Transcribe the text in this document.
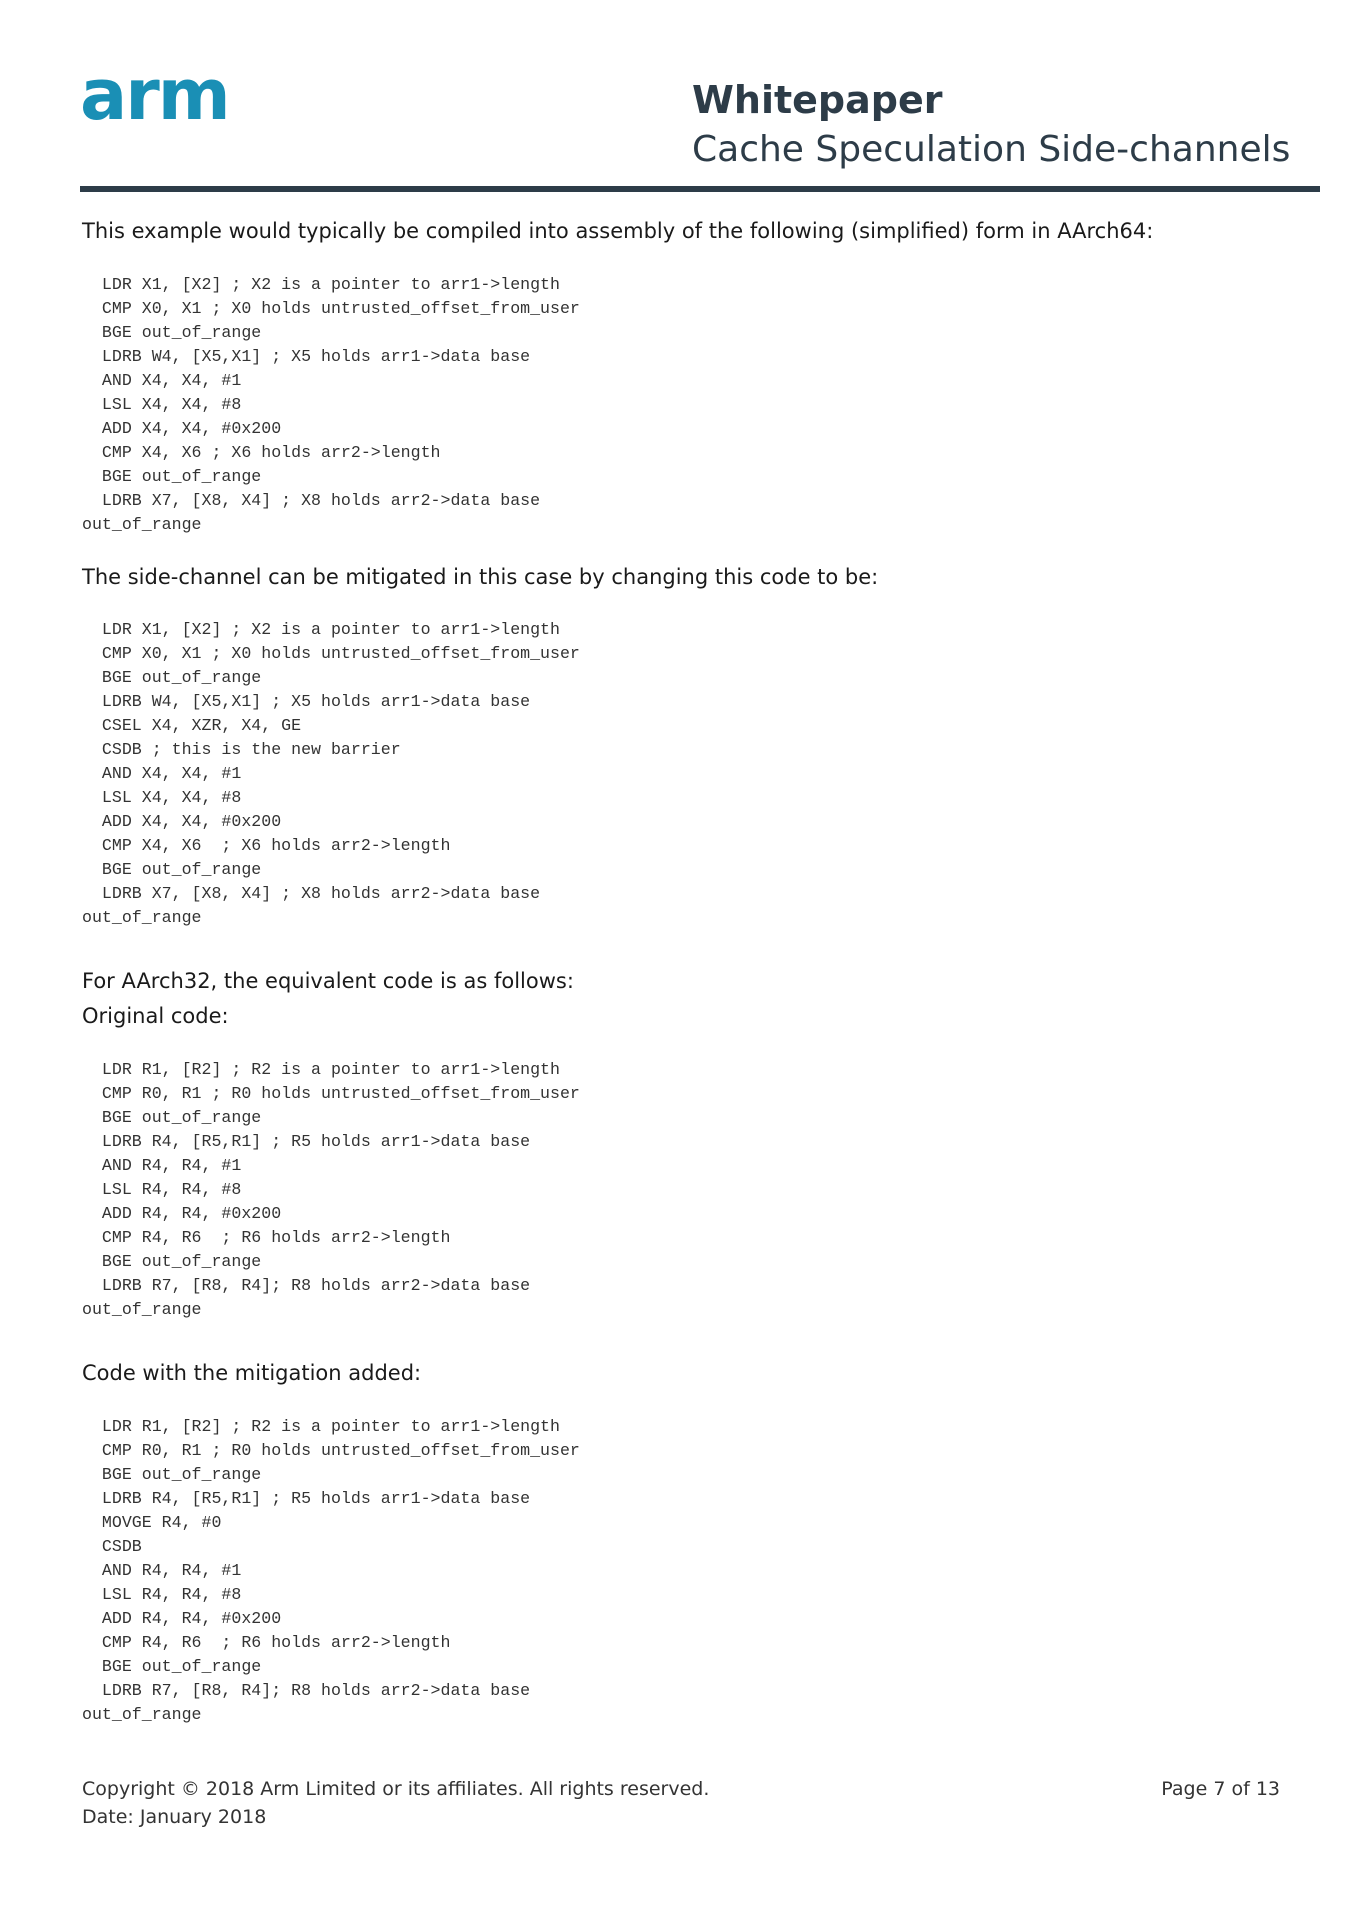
arm	Whitepaper
Cache Speculation Side-channels
This example would typically be compiled into assembly of the following (simplified) form in AArch64:
LDR X1, [X2] ; X2 is a pointer to arr1->length
CMP X0, X1 ; X0 holds untrusted_offset_from_user
BGE out_of_range
LDRB W4, [X5,X1] ; X5 holds arr1->data base
AND X4, X4, #1
LSL X4, X4, #8
ADD X4, X4, #0x200
CMP X4, X6 ; X6 holds arr2->length
BGE out_of_range
LDRB X7, [X8, X4] ; X8 holds arr2->data base
out_of_range
The side-channel can be mitigated in this case by changing this code to be:
LDR X1, [X2] ; X2 is a pointer to arr1->length
CMP X0, X1 ; X0 holds untrusted_offset_from_user
BGE out_of_range
LDRB W4, [X5,X1] ; X5 holds arr1->data base
CSEL X4, XZR, X4, GE
CSDB ; this is the new barrier
AND X4, X4, #1
LSL X4, X4, #8
ADD X4, X4, #0x200
CMP X4, X6  ; X6 holds arr2->length
BGE out_of_range
LDRB X7, [X8, X4] ; X8 holds arr2->data base
out_of_range
For AArch32, the equivalent code is as follows:
Original code:
LDR R1, [R2] ; R2 is a pointer to arr1->length
CMP R0, R1 ; R0 holds untrusted_offset_from_user
BGE out_of_range
LDRB R4, [R5,R1] ; R5 holds arr1->data base
AND R4, R4, #1
LSL R4, R4, #8
ADD R4, R4, #0x200
CMP R4, R6  ; R6 holds arr2->length
BGE out_of_range
LDRB R7, [R8, R4]; R8 holds arr2->data base
out_of_range
Code with the mitigation added:
LDR R1, [R2] ; R2 is a pointer to arr1->length
CMP R0, R1 ; R0 holds untrusted_offset_from_user
BGE out_of_range
LDRB R4, [R5,R1] ; R5 holds arr1->data base
MOVGE R4, #0
CSDB
AND R4, R4, #1
LSL R4, R4, #8
ADD R4, R4, #0x200
CMP R4, R6  ; R6 holds arr2->length
BGE out_of_range
LDRB R7, [R8, R4]; R8 holds arr2->data base
out_of_range
Copyright © 2018 Arm Limited or its affiliates. All rights reserved.
Date: January 2018
Page 7 of 13
